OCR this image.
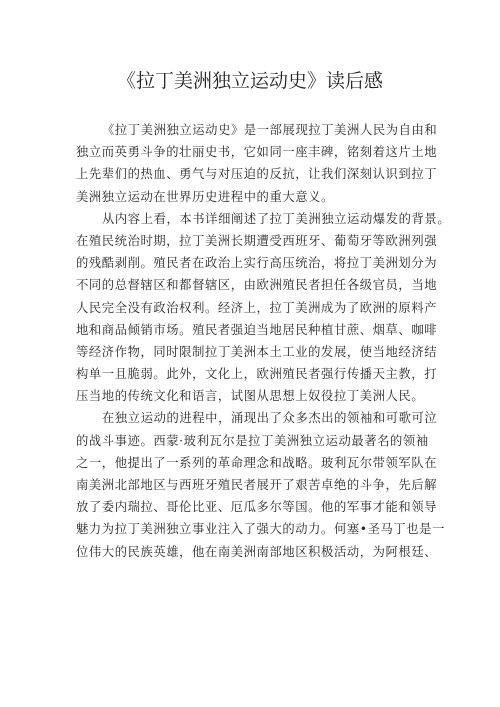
《拉丁美洲独立运动史》读后感

《拉丁美洲独立运动史》是一部展现拉丁美洲人民为自由和
独立而英勇斗争的壮丽史书，它如同一座丰碑，铭刻着这片土地
上先辈们的热血、勇气与对压迫的反抗，让我们深刻认识到拉丁
美洲独立运动在世界历史进程中的重大意义。

从内容上看，本书详细阐述了拉丁美洲独立运动爆发的背景。
在殖民统治时期，拉丁美洲长期遭受西班牙、葡萄牙等欧洲列强
的残酷剥削。殖民者在政治上实行高压统治，将拉丁美洲划分为
不同的总督辖区和都督辖区，由欧洲殖民者担任各级官员，当地
人民完全没有政治权利。经济上，拉丁美洲成为了欧洲的原料产
地和商品倾销市场。殖民者强迫当地居民种植甘蔗、烟草、咖啡
等经济作物，同时限制拉丁美洲本土工业的发展，使当地经济结
构单一且脆弱。此外，文化上，欧洲殖民者强行传播天主教，打
压当地的传统文化和语言，试图从思想上奴役拉丁美洲人民。

在独立运动的进程中，涌现出了众多杰出的领袖和可歌可泣
的战斗事迹。西蒙·玻利瓦尔是拉丁美洲独立运动最著名的领袖
之一，他提出了一系列的革命理念和战略。玻利瓦尔带领军队在
南美洲北部地区与西班牙殖民者展开了艰苦卓绝的斗争，先后解
放了委内瑞拉、哥伦比亚、厄瓜多尔等国。他的军事才能和领导
魅力为拉丁美洲独立事业注入了强大的动力。何塞•圣马丁也是一
位伟大的民族英雄，他在南美洲南部地区积极活动，为阿根廷、
